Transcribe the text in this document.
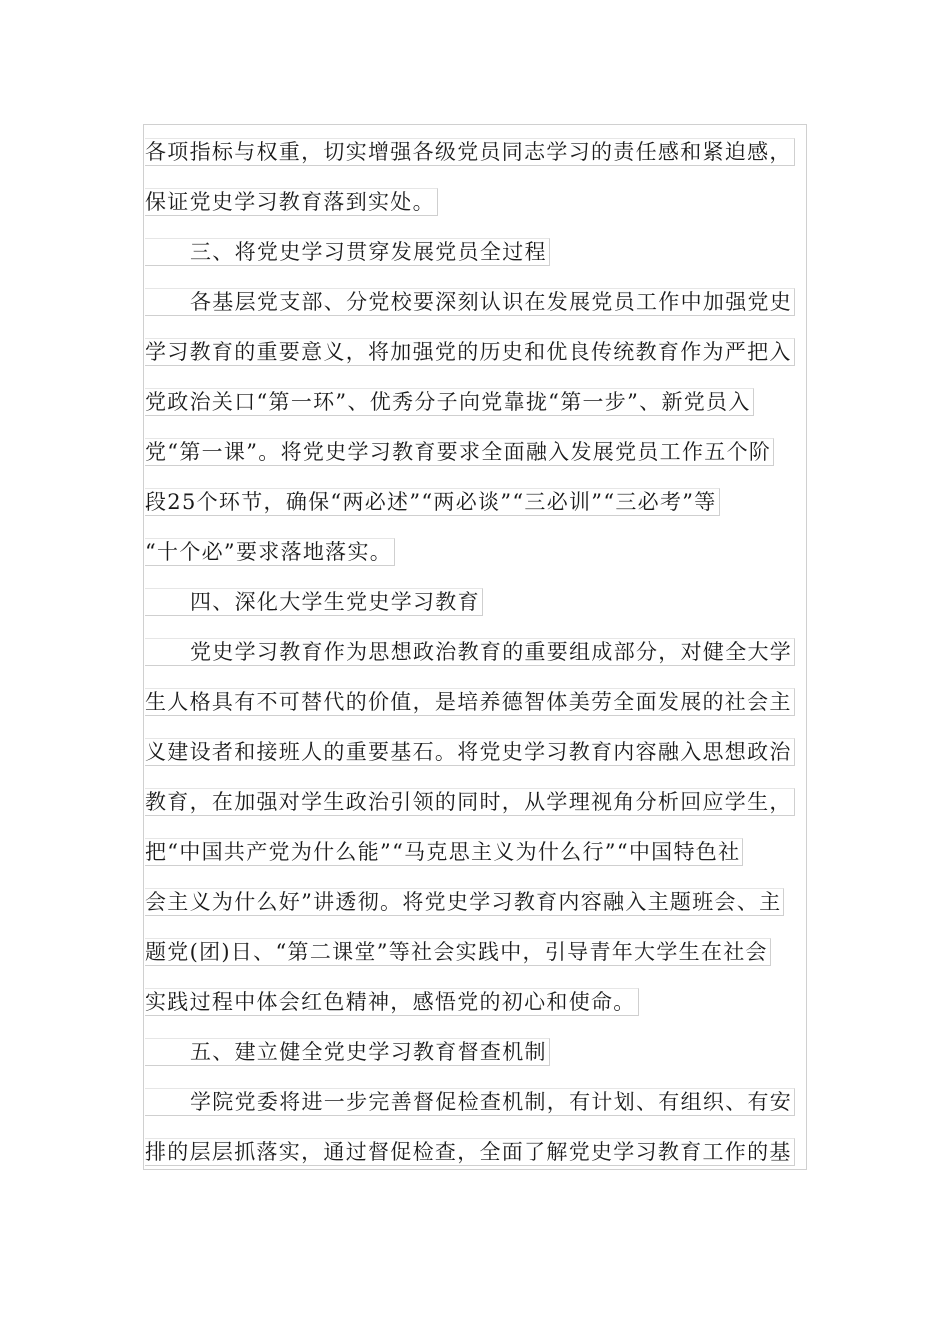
各项指标与权重，切实增强各级党员同志学习的责任感和紧迫感，
保证党史学习教育落到实处。
三、将党史学习贯穿发展党员全过程
各基层党支部、分党校要深刻认识在发展党员工作中加强党史
学习教育的重要意义，将加强党的历史和优良传统教育作为严把入
党政治关口“第一环”、优秀分子向党靠拢“第一步”、新党员入
党“第一课”。将党史学习教育要求全面融入发展党员工作五个阶
段25个环节，确保“两必述”“两必谈”“三必训”“三必考”等
“十个必”要求落地落实。
四、深化大学生党史学习教育
党史学习教育作为思想政治教育的重要组成部分，对健全大学
生人格具有不可替代的价值，是培养德智体美劳全面发展的社会主
义建设者和接班人的重要基石。将党史学习教育内容融入思想政治
教育，在加强对学生政治引领的同时，从学理视角分析回应学生，
把“中国共产党为什么能”“马克思主义为什么行”“中国特色社
会主义为什么好”讲透彻。将党史学习教育内容融入主题班会、主
题党(团)日、“第二课堂”等社会实践中，引导青年大学生在社会
实践过程中体会红色精神，感悟党的初心和使命。
五、建立健全党史学习教育督查机制
学院党委将进一步完善督促检查机制，有计划、有组织、有安
排的层层抓落实，通过督促检查，全面了解党史学习教育工作的基
